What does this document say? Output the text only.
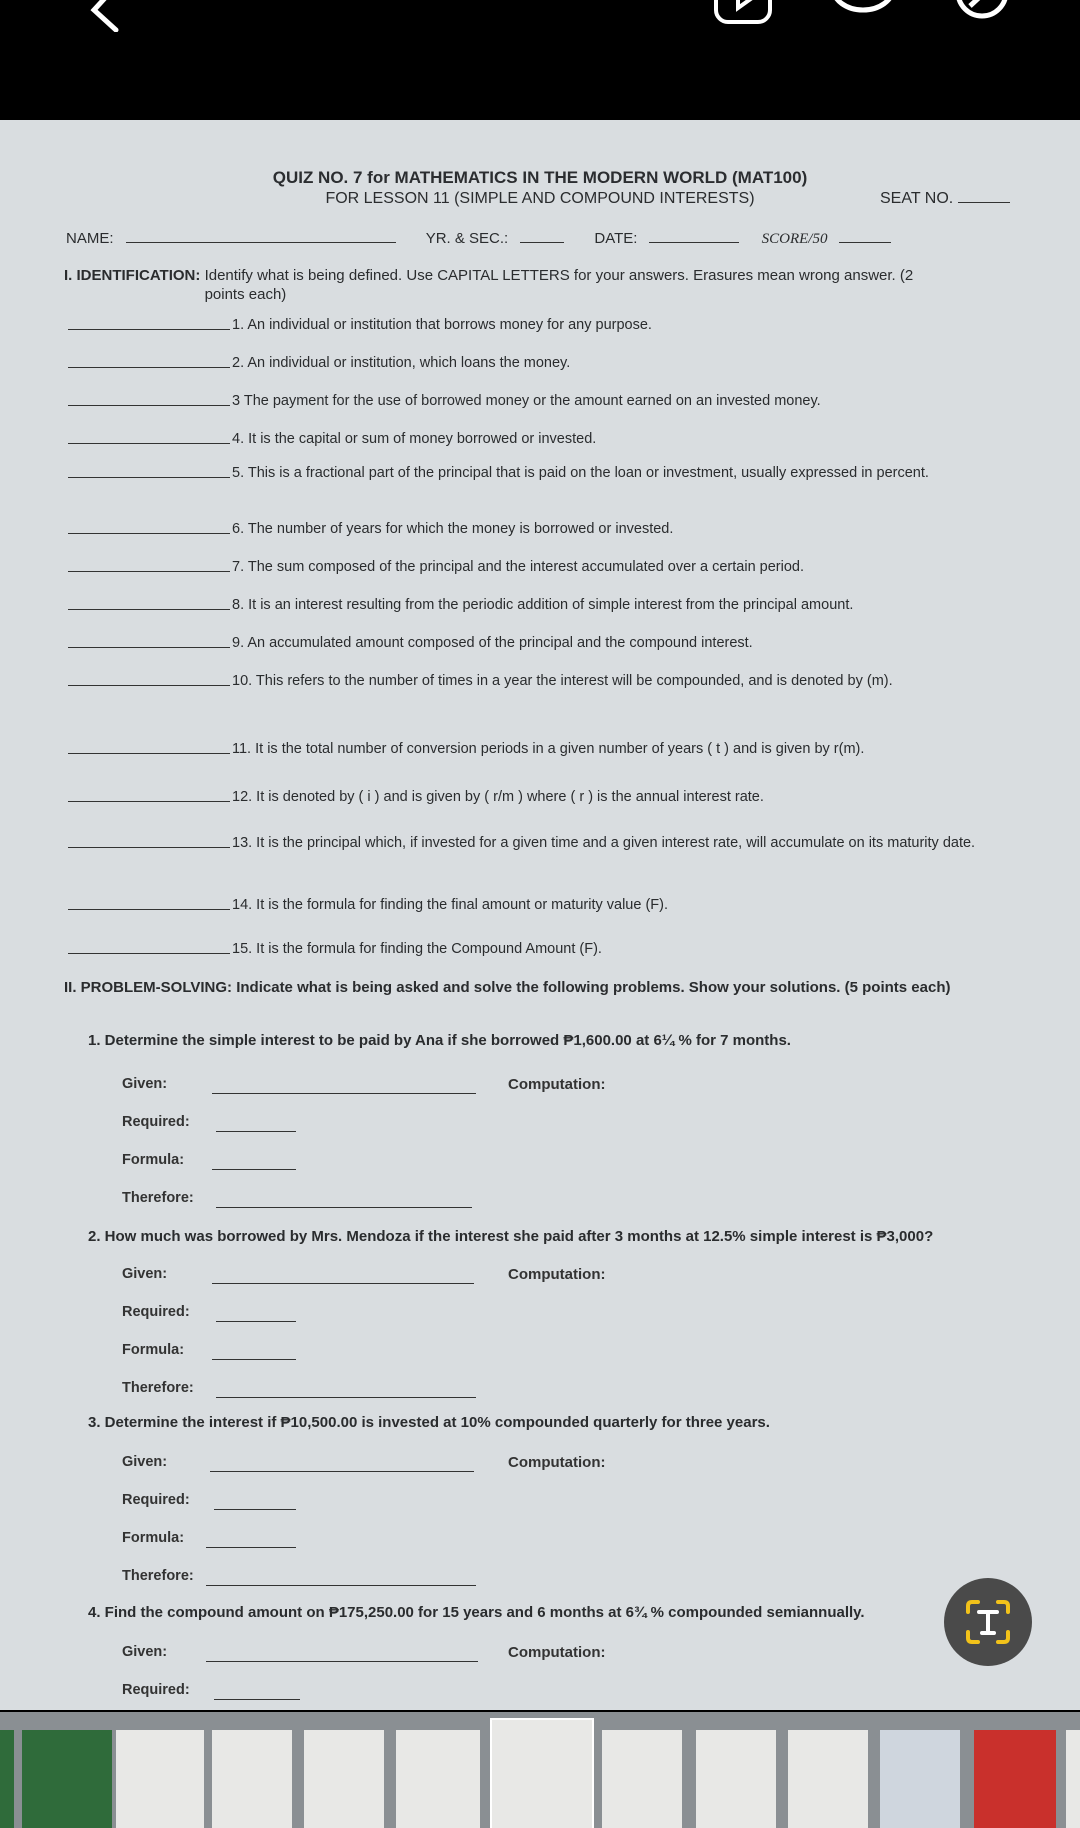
QUIZ NO. 7 for MATHEMATICS IN THE MODERN WORLD (MAT100)
FOR LESSON 11 (SIMPLE AND COMPOUND INTERESTS)	SEAT NO.
NAME:	YR. & SEC.:	DATE:	SCORE/50
I. IDENTIFICATION: Identify what is being defined. Use CAPITAL LETTERS for your answers. Erasures mean wrong answer. (2 points each)
1. An individual or institution that borrows money for any purpose.
2. An individual or institution, which loans the money.
3 The payment for the use of borrowed money or the amount earned on an invested money.
4. It is the capital or sum of money borrowed or invested.
5. This is a fractional part of the principal that is paid on the loan or investment, usually expressed in percent.
6. The number of years for which the money is borrowed or invested.
7. The sum composed of the principal and the interest accumulated over a certain period.
8. It is an interest resulting from the periodic addition of simple interest from the principal amount.
9. An accumulated amount composed of the principal and the compound interest.
10. This refers to the number of times in a year the interest will be compounded, and is denoted by (m).
11. It is the total number of conversion periods in a given number of years ( t ) and is given by r(m).
12. It is denoted by ( i ) and is given by ( r/m ) where ( r ) is the annual interest rate.
13. It is the principal which, if invested for a given time and a given interest rate, will accumulate on its maturity date.
14. It is the formula for finding the final amount or maturity value (F).
15. It is the formula for finding the Compound Amount (F).
II. PROBLEM-SOLVING: Indicate what is being asked and solve the following problems. Show your solutions. (5 points each)
1. Determine the simple interest to be paid by Ana if she borrowed ₱1,600.00 at 6¼ % for 7 months.
Given:	Computation:
Required:
Formula:
Therefore:
2. How much was borrowed by Mrs. Mendoza if the interest she paid after 3 months at 12.5% simple interest is ₱3,000?
Given:	Computation:
Required:
Formula:
Therefore:
3. Determine the interest if ₱10,500.00 is invested at 10% compounded quarterly for three years.
Given:	Computation:
Required:
Formula:
Therefore:
4. Find the compound amount on ₱175,250.00 for 15 years and 6 months at 6¾ % compounded semiannually.
Given:	Computation:
Required:
